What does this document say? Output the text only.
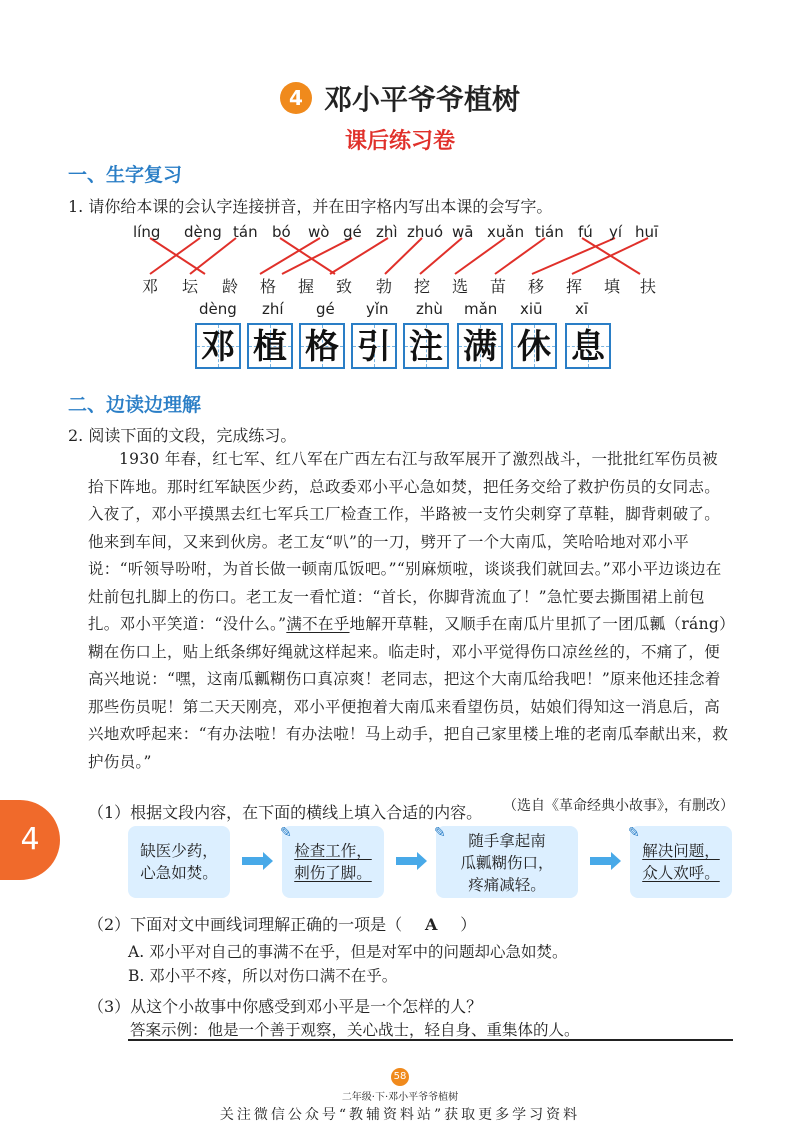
4 邓小平爷爷植树
课后练习卷
一、生字复习
1. 请你给本课的会认字连接拼音，并在田字格内写出本课的会写字。
líng dèng tán bó wò gé zhì zhuó wā xuǎn tián fú yí huī
邓 坛 龄 格 握 致 勃 挖 选 苗 移 挥 填 扶
dèng zhí gé yǐn zhù mǎn xiū xī
邓 植 格 引 注 满 休 息
二、边读边理解
2. 阅读下面的文段，完成练习。

1930 年春，红七军、红八军在广西左右江与敌军展开了激烈战斗，一批批红军伤员被抬下阵地。那时红军缺医少药，总政委邓小平心急如焚，把任务交给了救护伤员的女同志。入夜了，邓小平摸黑去红七军兵工厂检查工作，半路被一支竹尖刺穿了草鞋，脚背刺破了。他来到车间，又来到伙房。老工友“叭”的一刀，劈开了一个大南瓜，笑哈哈地对邓小平说：“听领导吩咐，为首长做一顿南瓜饭吧。”“别麻烦啦，谈谈我们就回去。”邓小平边谈边在灶前包扎脚上的伤口。老工友一看忙道：“首长，你脚背流血了！”急忙要去撕围裙上前包扎。邓小平笑道：“没什么。”满不在乎地解开草鞋，又顺手在南瓜片里抓了一团瓜瓤（ráng）糊在伤口上，贴上纸条绑好绳就这样起来。临走时，邓小平觉得伤口凉丝丝的，不痛了，便高兴地说：“嘿，这南瓜瓤糊伤口真凉爽！老同志，把这个大南瓜给我吧！”原来他还挂念着那些伤员呢！第二天天刚亮，邓小平便抱着大南瓜来看望伤员，姑娘们得知这一消息后，高兴地欢呼起来：“有办法啦！有办法啦！马上动手，把自己家里楼上堆的老南瓜奉献出来，救护伤员。”

（选自《革命经典小故事》，有删改）
4
（1）根据文段内容，在下面的横线上填入合适的内容。
缺医少药，
心急如焚。
✎
检查工作，
刺伤了脚。
✎	随手拿起南
瓜瓤糊伤口，
疼痛减轻。
✎
解决问题，
众人欢呼。
（2）下面对文中画线词理解正确的一项是（ A ）
A. 邓小平对自己的事满不在乎，但是对军中的问题却心急如焚。
B. 邓小平不疼，所以对伤口满不在乎。
（3）从这个小故事中你感受到邓小平是一个怎样的人？
答案示例：他是一个善于观察，关心战士，轻自身、重集体的人。
58
二年级·下·邓小平爷爷植树
关注微信公众号“教辅资料站”获取更多学习资料
